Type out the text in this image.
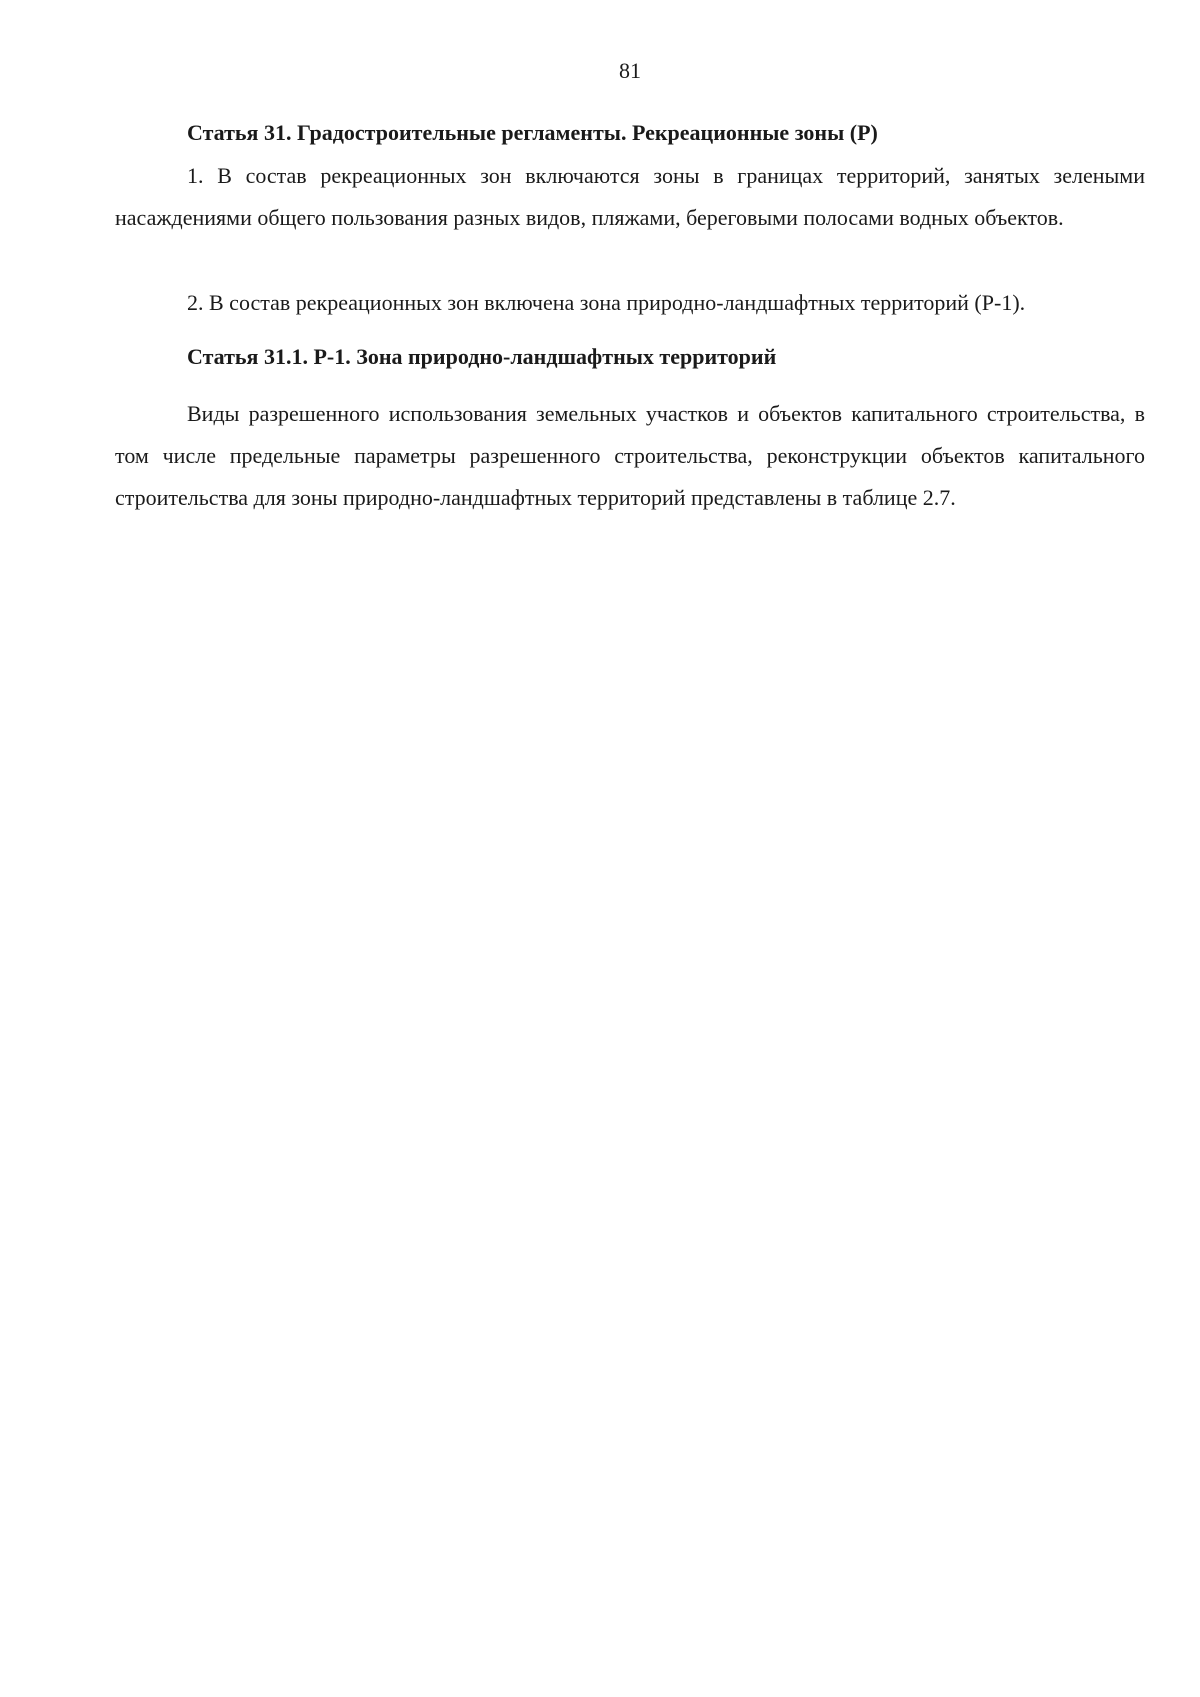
81
Статья 31. Градостроительные регламенты. Рекреационные зоны (Р)

1. В состав рекреационных зон включаются зоны в границах территорий, занятых зелеными насаждениями общего пользования разных видов, пляжами, береговыми полосами водных объектов.

2. В состав рекреационных зон включена зона природно-ландшафтных территорий (Р-1).

Статья 31.1. Р-1. Зона природно-ландшафтных территорий

Виды разрешенного использования земельных участков и объектов капитального строительства, в том числе предельные параметры разрешенного строительства, реконструкции объектов капитального строительства для зоны природно-ландшафтных территорий представлены в таблице 2.7.
